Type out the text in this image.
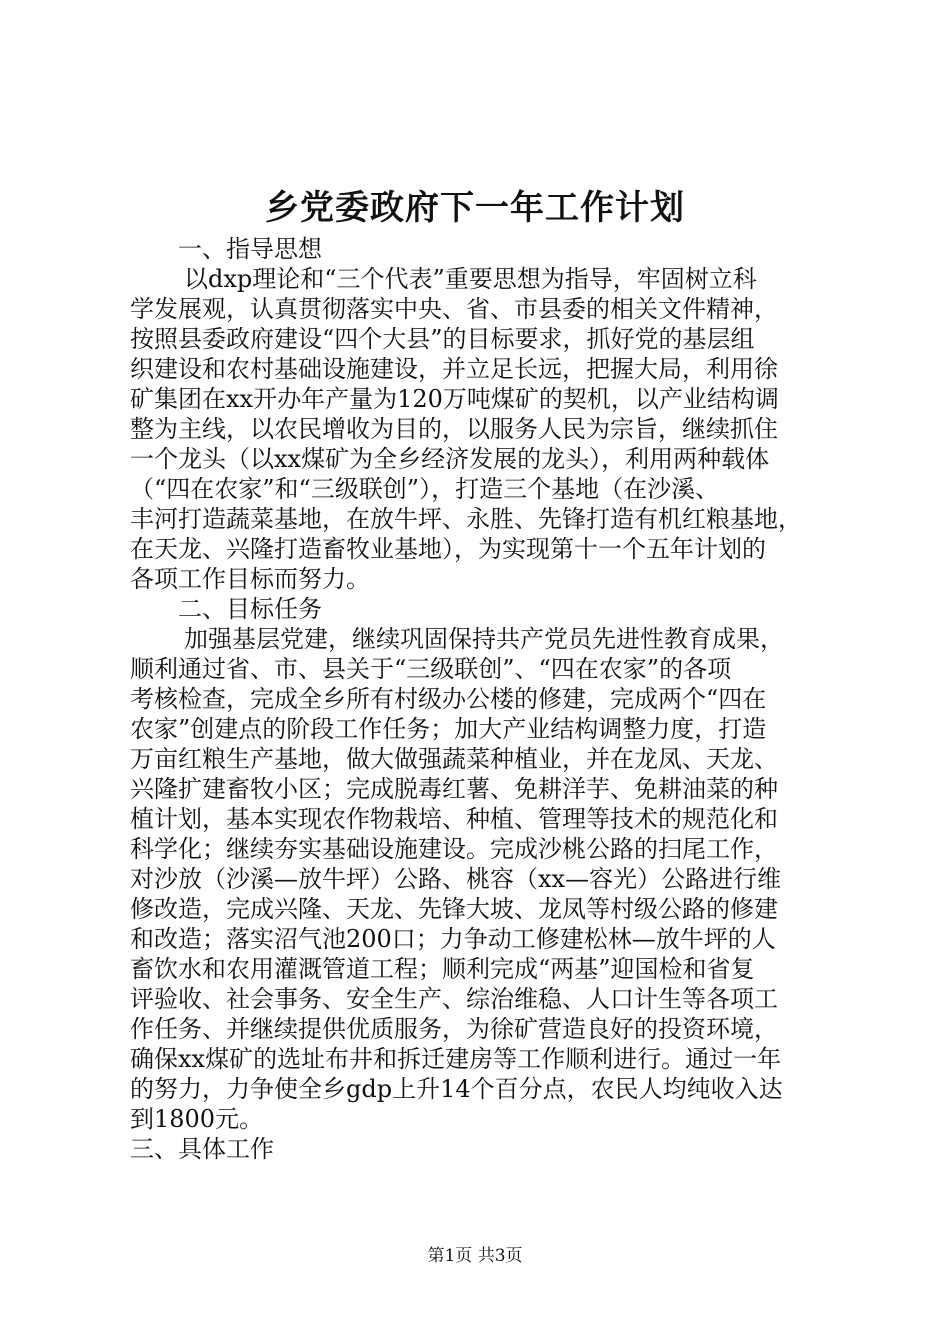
乡党委政府下一年工作计划
一、指导思想
以dxp理论和“三个代表”重要思想为指导，牢固树立科
学发展观，认真贯彻落实中央、省、市县委的相关文件精神，
按照县委政府建设“四个大县”的目标要求，抓好党的基层组
织建设和农村基础设施建设，并立足长远，把握大局，利用徐
矿集团在xx开办年产量为120万吨煤矿的契机，以产业结构调
整为主线，以农民增收为目的，以服务人民为宗旨，继续抓住
一个龙头（以xx煤矿为全乡经济发展的龙头），利用两种载体
（“四在农家”和“三级联创”），打造三个基地（在沙溪、
丰河打造蔬菜基地，在放牛坪、永胜、先锋打造有机红粮基地，
在天龙、兴隆打造畜牧业基地），为实现第十一个五年计划的
各项工作目标而努力。
二、目标任务
加强基层党建，继续巩固保持共产党员先进性教育成果，
顺利通过省、市、县关于“三级联创”、“四在农家”的各项
考核检查，完成全乡所有村级办公楼的修建，完成两个“四在
农家”创建点的阶段工作任务；加大产业结构调整力度，打造
万亩红粮生产基地，做大做强蔬菜种植业，并在龙凤、天龙、
兴隆扩建畜牧小区；完成脱毒红薯、免耕洋芋、免耕油菜的种
植计划，基本实现农作物栽培、种植、管理等技术的规范化和
科学化；继续夯实基础设施建设。完成沙桃公路的扫尾工作，
对沙放（沙溪—放牛坪）公路、桃容（xx—容光）公路进行维
修改造，完成兴隆、天龙、先锋大坡、龙凤等村级公路的修建
和改造；落实沼气池200口；力争动工修建松林—放牛坪的人
畜饮水和农用灌溉管道工程；顺利完成“两基”迎国检和省复
评验收、社会事务、安全生产、综治维稳、人口计生等各项工
作任务、并继续提供优质服务，为徐矿营造良好的投资环境，
确保xx煤矿的选址布井和拆迁建房等工作顺利进行。通过一年
的努力，力争使全乡gdp上升14个百分点，农民人均纯收入达
到1800元。
三、具体工作
第1页 共3页
